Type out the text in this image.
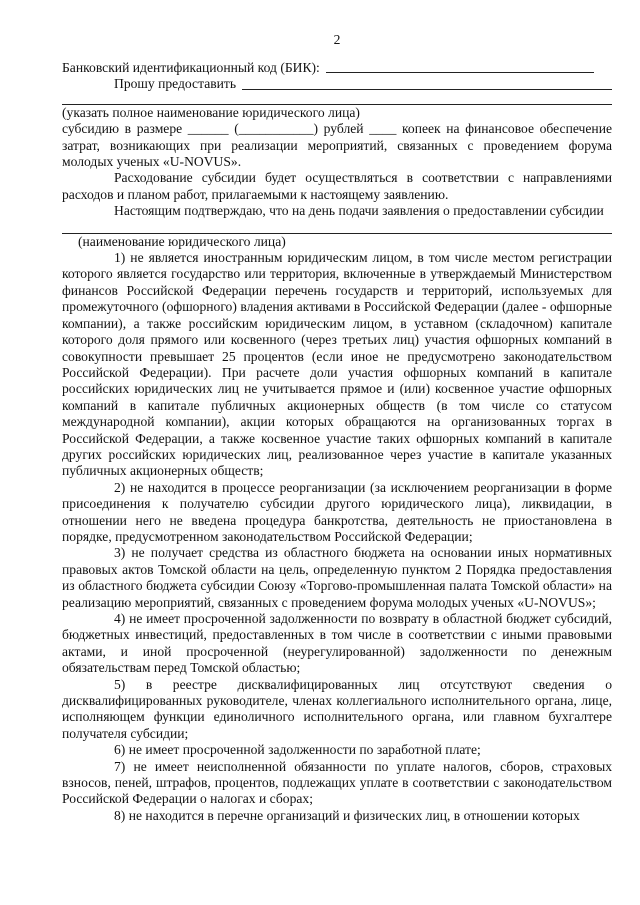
2
Банковский идентификационный код (БИК):
Прошу предоставить
(указать полное наименование юридического лица)

субсидию в размере ______ (___________) рублей ____ копеек на финансовое обеспечение затрат, возникающих при реализации мероприятий, связанных с проведением форума молодых ученых «U-NOVUS».

Расходование субсидии будет осуществляться в соответствии с направлениями расходов и планом работ, прилагаемыми к настоящему заявлению.

Настоящим подтверждаю, что на день подачи заявления о предоставлении субсидии

(наименование юридического лица)

1) не является иностранным юридическим лицом, в том числе местом регистрации которого является государство или территория, включенные в утверждаемый Министерством финансов Российской Федерации перечень государств и территорий, используемых для промежуточного (офшорного) владения активами в Российской Федерации (далее - офшорные компании), а также российским юридическим лицом, в уставном (складочном) капитале которого доля прямого или косвенного (через третьих лиц) участия офшорных компаний в совокупности превышает 25 процентов (если иное не предусмотрено законодательством Российской Федерации). При расчете доли участия офшорных компаний в капитале российских юридических лиц не учитывается прямое и (или) косвенное участие офшорных компаний в капитале публичных акционерных обществ (в том числе со статусом международной компании), акции которых обращаются на организованных торгах в Российской Федерации, а также косвенное участие таких офшорных компаний в капитале других российских юридических лиц, реализованное через участие в капитале указанных публичных акционерных обществ;

2) не находится в процессе реорганизации (за исключением реорганизации в форме присоединения к получателю субсидии другого юридического лица), ликвидации, в отношении него не введена процедура банкротства, деятельность не приостановлена в порядке, предусмотренном законодательством Российской Федерации;

3) не получает средства из областного бюджета на основании иных нормативных правовых актов Томской области на цель, определенную пунктом 2 Порядка предоставления из областного бюджета субсидии Союзу «Торгово-промышленная палата Томской области» на реализацию мероприятий, связанных с проведением форума молодых ученых «U-NOVUS»;

4) не имеет просроченной задолженности по возврату в областной бюджет субсидий, бюджетных инвестиций, предоставленных в том числе в соответствии с иными правовыми актами, и иной просроченной (неурегулированной) задолженности по денежным обязательствам перед Томской областью;

5) в реестре дисквалифицированных лиц отсутствуют сведения о дисквалифицированных руководителе, членах коллегиального исполнительного органа, лице, исполняющем функции единоличного исполнительного органа, или главном бухгалтере получателя субсидии;

6) не имеет просроченной задолженности по заработной плате;

7) не имеет неисполненной обязанности по уплате налогов, сборов, страховых взносов, пеней, штрафов, процентов, подлежащих уплате в соответствии с законодательством Российской Федерации о налогах и сборах;

8) не находится в перечне организаций и физических лиц, в отношении которых
